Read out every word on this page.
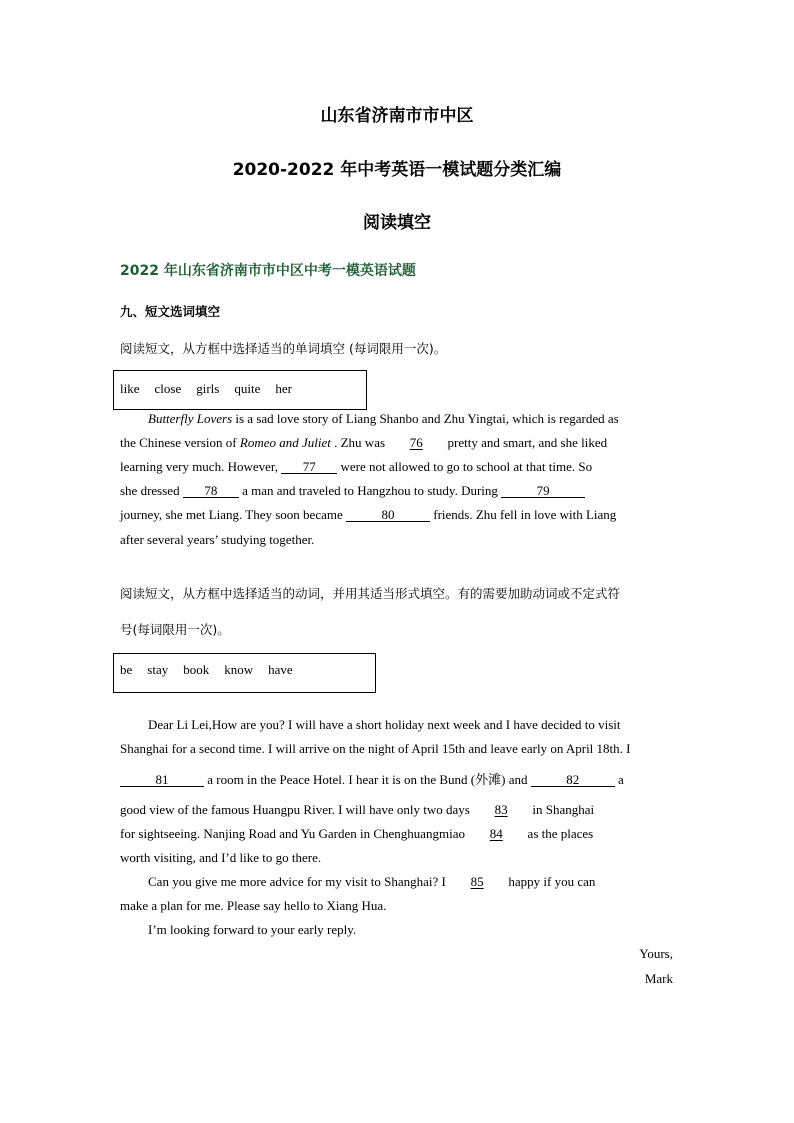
山东省济南市市中区
2020-2022 年中考英语一模试题分类汇编
阅读填空
2022 年山东省济南市市中区中考一模英语试题
九、短文选词填空
阅读短文，从方框中选择适当的单词填空 (每词限用一次)。
like close girls quite her
Butterfly Lovers is a sad love story of Liang Shanbo and Zhu Yingtai, which is regarded as
the Chinese version of Romeo and Juliet . Zhu was 76 pretty and smart, and she liked
learning very much. However, 77 were not allowed to go to school at that time. So
she dressed 78 a man and traveled to Hangzhou to study. During	79
journey, she met Liang. They soon became	80	friends. Zhu fell in love with Liang
after several years’ studying together.
阅读短文，从方框中选择适当的动词，并用其适当形式填空。有的需要加助动词或不定式符
号(每词限用一次)。
be stay book know have
Dear Li Lei,How are you? I will have a short holiday next week and I have decided to visit
Shanghai for a second time. I will arrive on the night of April 15th and leave early on April 18th. I
81	a room in the Peace Hotel. I hear it is on the Bund (外滩) and	82	a
good view of the famous Huangpu River. I will have only two days 83 in Shanghai
for sightseeing. Nanjing Road and Yu Garden in Chenghuangmiao 84 as the places
worth visiting, and I’d like to go there.
Can you give me more advice for my visit to Shanghai? I 85 happy if you can
make a plan for me. Please say hello to Xiang Hua.
I’m looking forward to your early reply.
Yours,
Mark
